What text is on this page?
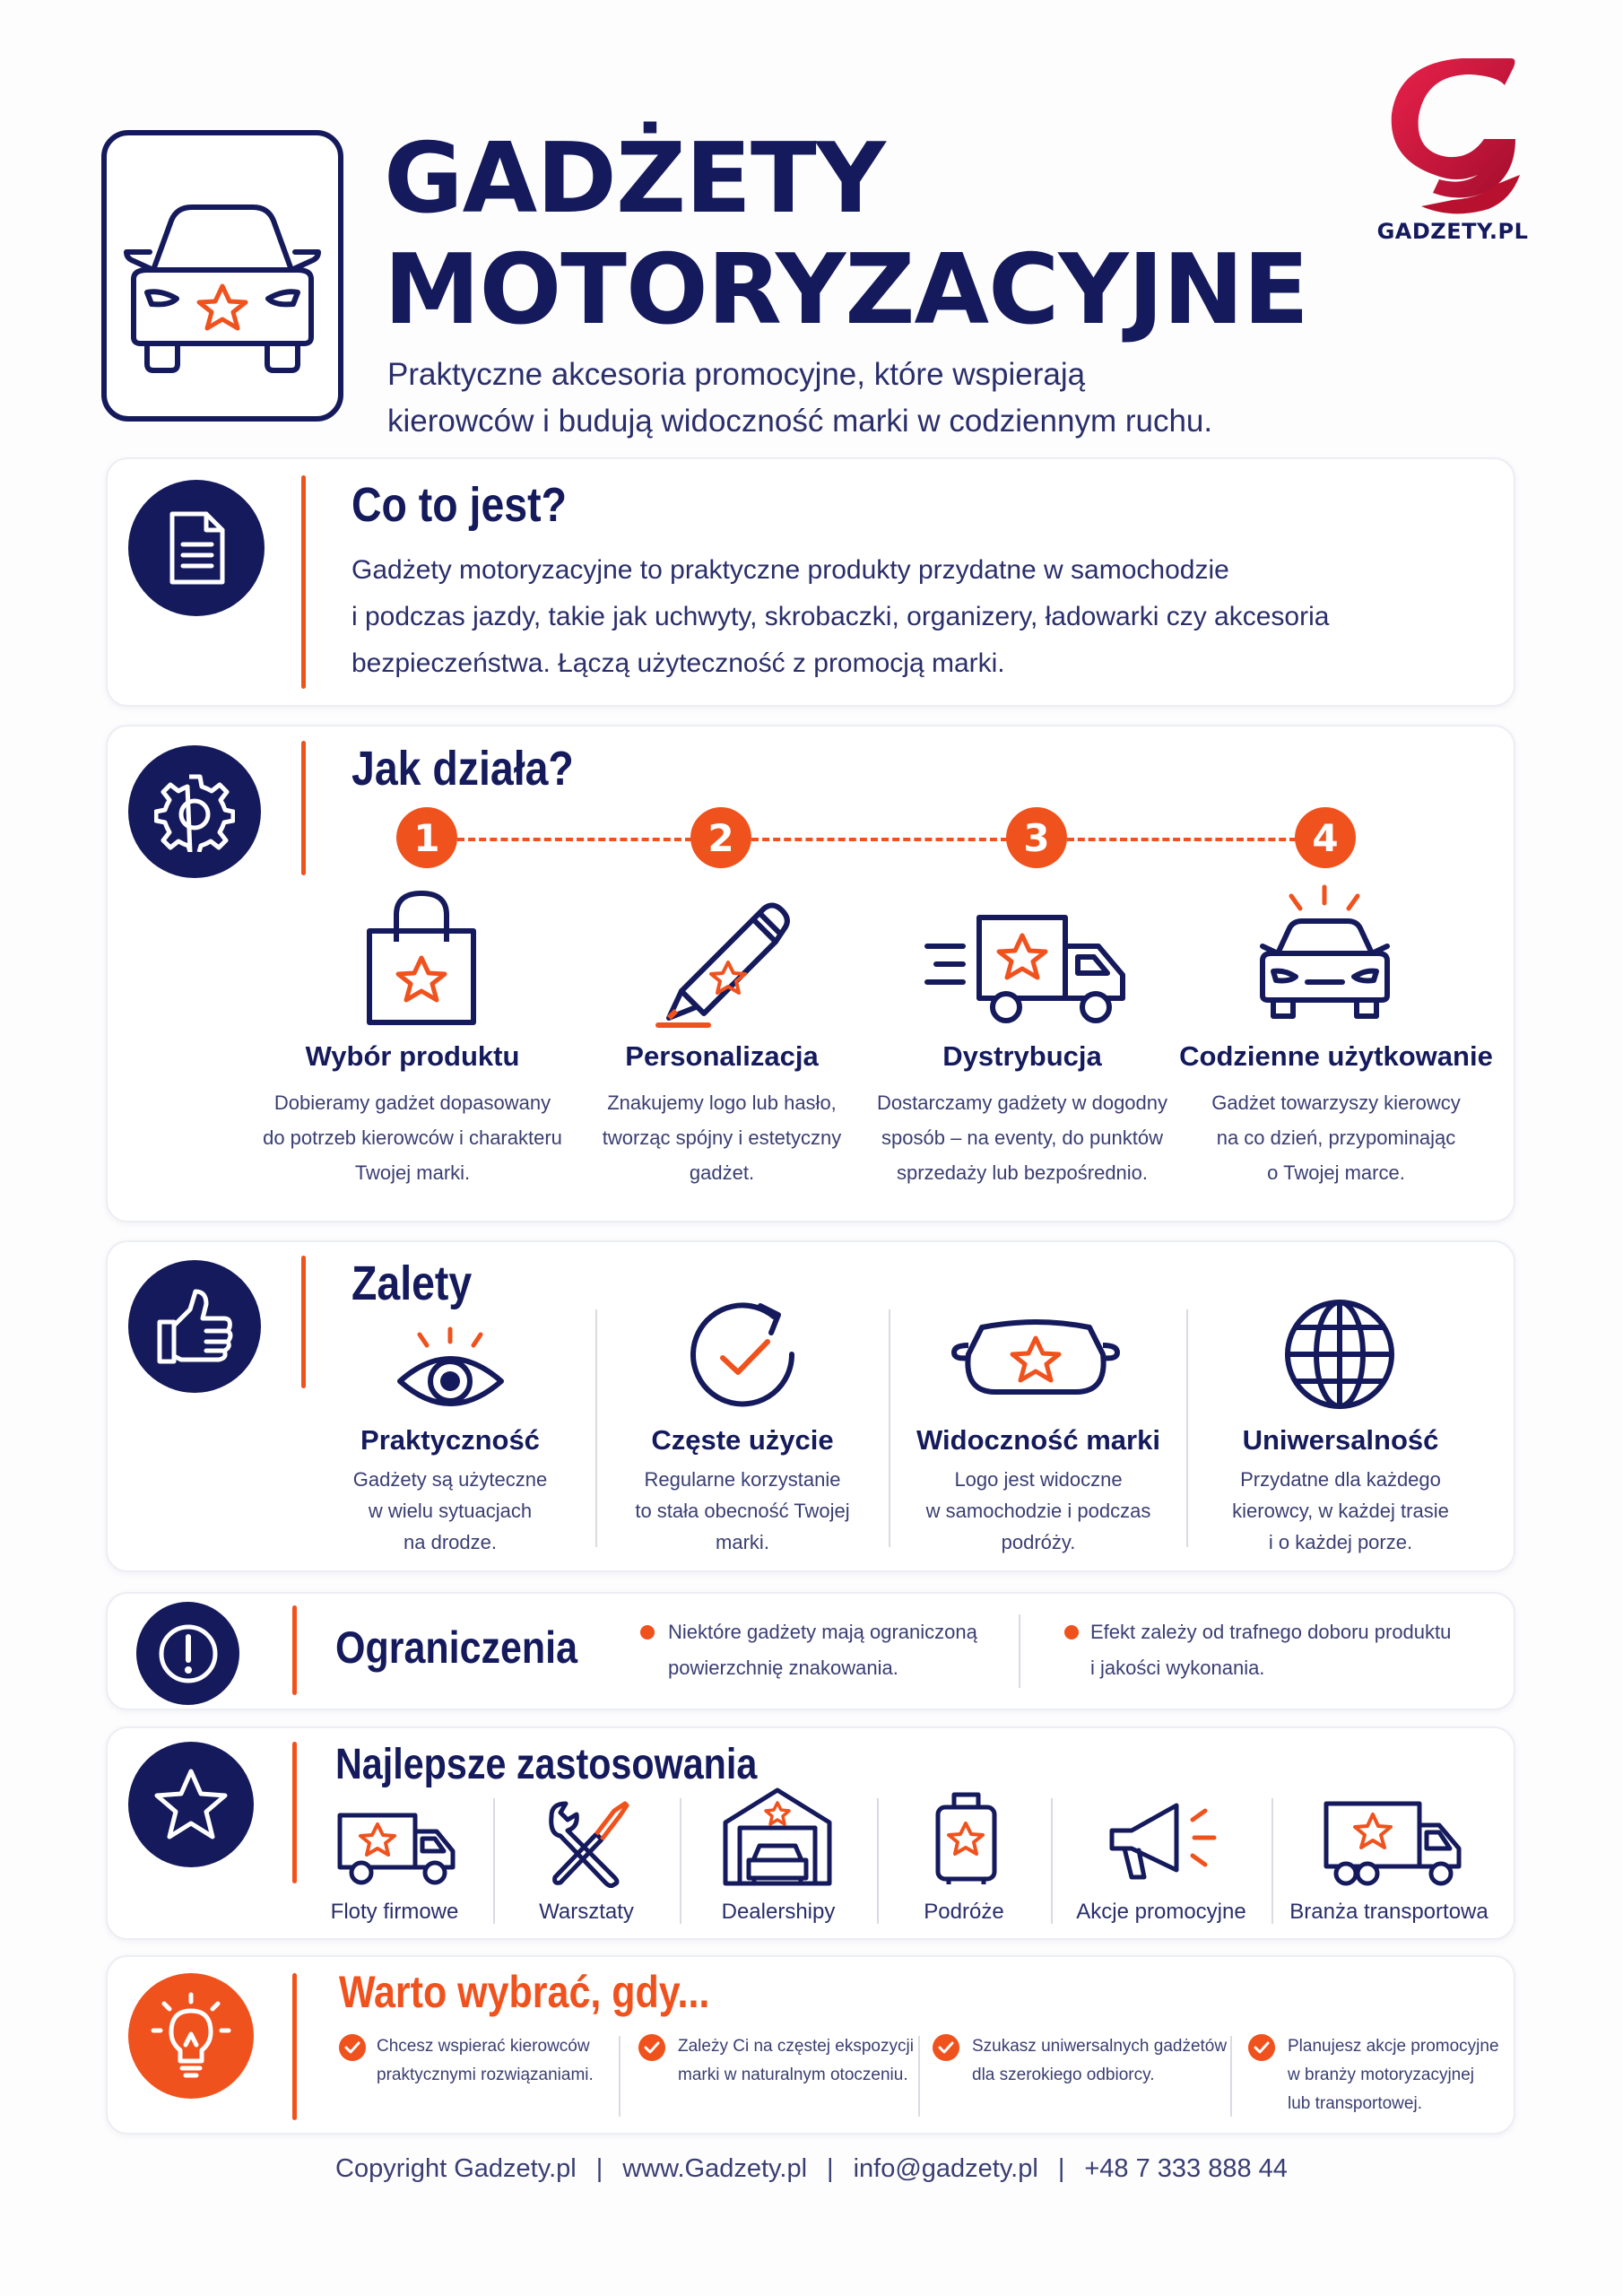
GADŻETY
MOTORYZACYJNE
Praktyczne akcesoria promocyjne, które wspierają
kierowców i budują widoczność marki w codziennym ruchu.
GADZETY.PL
Co to jest?
Gadżety motoryzacyjne to praktyczne produkty przydatne w samochodzie
i podczas jazdy, takie jak uchwyty, skrobaczki, organizery, ładowarki czy akcesoria
bezpieczeństwa. Łączą użyteczność z promocją marki.
Jak działa?
1	2	3	4
Wybór produktu
Dobieramy gadżet dopasowany
do potrzeb kierowców i charakteru
Twojej marki.
Personalizacja
Znakujemy logo lub hasło,
tworząc spójny i estetyczny
gadżet.
Dystrybucja
Dostarczamy gadżety w dogodny
sposób – na eventy, do punktów
sprzedaży lub bezpośrednio.
Codzienne użytkowanie
Gadżet towarzyszy kierowcy
na co dzień, przypominając
o Twojej marce.
Zalety
Praktyczność
Gadżety są użyteczne
w wielu sytuacjach
na drodze.
Częste użycie
Regularne korzystanie
to stała obecność Twojej
marki.
Widoczność marki
Logo jest widoczne
w samochodzie i podczas
podróży.
Uniwersalność
Przydatne dla każdego
kierowcy, w każdej trasie
i o każdej porze.
Ograniczenia	Niektóre gadżety mają ograniczoną
powierzchnię znakowania.
Efekt zależy od trafnego doboru produktu
i jakości wykonania.
Najlepsze zastosowania
Floty firmowe	Warsztaty	Dealershipy	Podróże	Akcje promocyjne	Branża transportowa
Warto wybrać, gdy...
Chcesz wspierać kierowców
praktycznymi rozwiązaniami.
Zależy Ci na częstej ekspozycji
marki w naturalnym otoczeniu.
Szukasz uniwersalnych gadżetów
dla szerokiego odbiorcy.
Planujesz akcje promocyjne
w branży motoryzacyjnej
lub transportowej.
Copyright Gadzety.pl | www.Gadzety.pl | info@gadzety.pl | +48 7 333 888 44
